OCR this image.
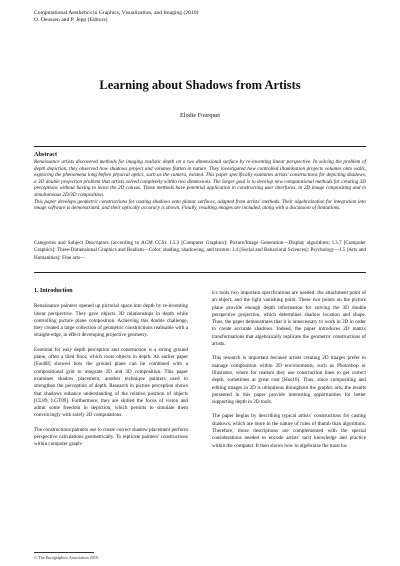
Computational Aesthetics in Graphics, Visualization, and Imaging (2010)
O. Deussen and P. Jepp (Editors)
Learning about Shadows from Artists
Elodie Fourquet
Abstract

Renaissance artists discovered methods for imaging realistic depth on a two dimensional surface by re-inventing linear perspective. In solving the problem of depth depiction, they observed how shadows project and volumes flatten in nature. They investigated how controlled illumination projects volumes onto walls, exploring the phenomena long before physical optics, such as the camera, existed. This paper specifically examines artists' constructions for depicting shadows, a 3D double projection problem that artists solved completely within two dimensions. The larger goal is to develop new computational methods for creating 3D perceptions without having to leave the 2D canvas. These methods have potential application in constructing user interfaces, in 2D image compositing and in simultaneous 2D/3D composition.

This paper develops geometric constructions for casting shadows onto planar surfaces, adapted from artists' methods. Their algebraization for integration into image software is demonstrated, and their optically accuracy is shown. Finally, resulting images are included, along with a discussion of limitations.

Categories and Subject Descriptors (according to ACM CCS): I.3.3 [Computer Graphics]: Picture/Image Generation—Display algorithms; I.3.7 [Computer Graphics]: Three-Dimensional Graphics and Realism—Color, shading, shadowing, and texture; J.4 [Social and Behavioral Sciences]: Psychology—J.5 [Arts and Humanities]: Fine arts—
1. Introduction

Renaissance painters opened up pictorial space into depth by re-inventing linear perspective. They gave objects 3D relationships in depth while controlling picture plane composition. Achieving this double challenge, they created a large collection of geometric constructions realisable with a straight-edge, in effect developing projective geometry.

Essential for easy depth perception and construction is a strong ground plane, often a tiled floor, which roots objects in depth. An earlier paper [Fou08] showed how the ground plane can be combined with a compositional grid to integrate 2D and 3D composition. This paper examines shadow placement, another technique painters used to strengthen the perception of depth. Research in picture perception shows that shadows enhance understanding of the relative position of objects [CL89, LGT09]. Furthermore, they are skilled the focus of vision and admit some freedom in depiction, which permits to simulate them convincingly with solely 2D computations.

The constructions painters use to create correct shadow placement perform perspective calculations geometrically. To replicate painters' constructions within computer graph-

ics tools two important specifications are needed: the attachment point of an object, and the light vanishing point. These two points on the picture plane provide enough depth information for solving the 3D double perspective projection, which determines shadow location and shape. Thus, the paper demonstrates that it is unnecessary to work in 3D in order to create accurate shadows. Indeed, the paper introduces 2D matrix transformations that algebraically replicate the geometric constructions of artists.

This research is important because artists creating 2D images prefer to manage composition within 2D environments, such as Photoshop or Illustrator, where for realism they use construction lines to get correct depth, sometimes at great cost [Hus10]. Thus, since compositing and editing images in 2D is ubiquitous throughout the graphic arts, the results presented in this paper provide interesting opportunities for better supporting depth in 2D tools.

The paper begins by describing typical artists' constructions for casting shadows, which are more in the nature of rules of thumb than algorithms. Therefore, those descriptions are complemented with the special considerations needed to encode artists' tacit knowledge and practice within the computer. It then shows how to algebraize the most ba-

© The Eurographics Association 2010.
